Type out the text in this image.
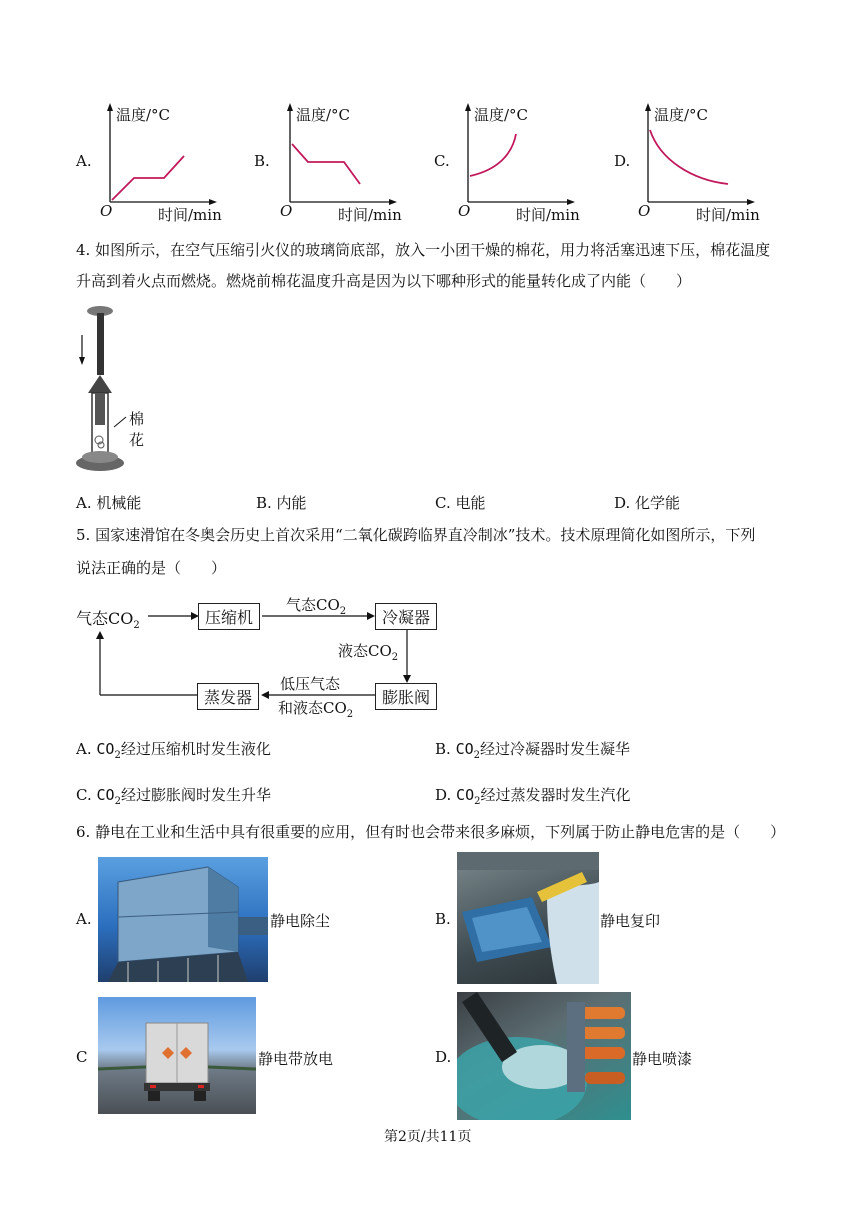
A.
温度/°C
O	时间/min
B.
温度/°C
O	时间/min
C.
温度/°C
O	时间/min
D.
温度/°C
O	时间/min
4. 如图所示，在空气压缩引火仪的玻璃筒底部，放入一小团干燥的棉花，用力将活塞迅速下压，棉花温度
升高到着火点而燃烧。燃烧前棉花温度升高是因为以下哪种形式的能量转化成了内能（　　）
棉
花
A. 机械能	B. 内能	C. 电能	D. 化学能
5. 国家速滑馆在冬奥会历史上首次采用“二氧化碳跨临界直冷制冰”技术。技术原理简化如图所示，下列
说法正确的是（　　）
气态$CO_2$	压缩机
气态$CO_2$	冷凝器
液态$CO_2$
膨胀阀
低压气态
和液态$CO_2$
蒸发器
A. $CO_2$经过压缩机时发生液化	B. $CO_2$经过冷凝器时发生凝华
C. $CO_2$经过膨胀阀时发生升华	D. $CO_2$经过蒸发器时发生汽化
6. 静电在工业和生活中具有很重要的应用，但有时也会带来很多麻烦，下列属于防止静电危害的是（　　）
A.	静电除尘	B.	静电复印
C	静电带放电	D.	静电喷漆
第2页/共11页
